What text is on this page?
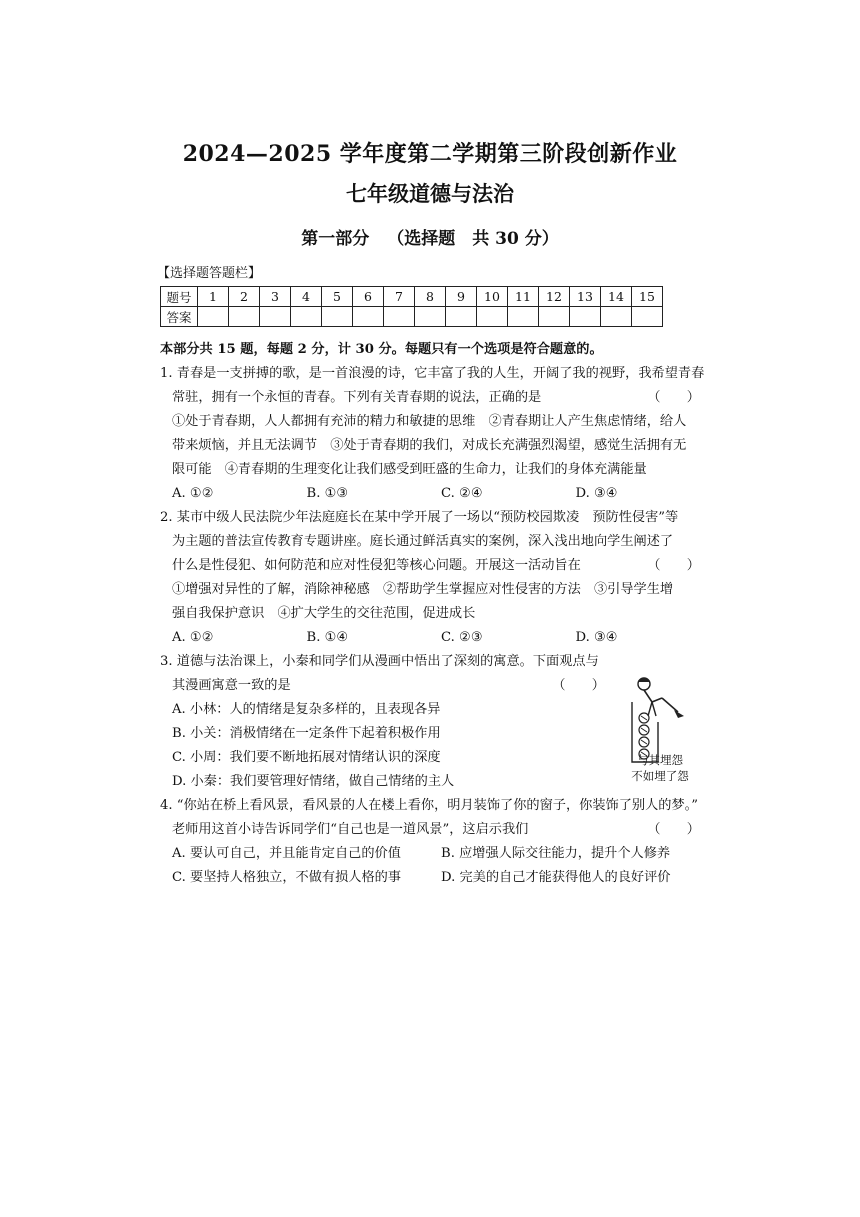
2024—2025 学年度第二学期第三阶段创新作业
七年级道德与法治
第一部分 （选择题　共 30 分）
【选择题答题栏】
题号	1	2	3	4	5	6	7	8	9	10	11	12	13	14	15
答案															

本部分共 15 题，每题 2 分，计 30 分。每题只有一个选项是符合题意的。

1. 青春是一支拼搏的歌，是一首浪漫的诗，它丰富了我的人生，开阔了我的视野，我希望青春

常驻，拥有一个永恒的青春。下列有关青春期的说法，正确的是	（　　）

①处于青春期，人人都拥有充沛的精力和敏捷的思维　②青春期让人产生焦虑情绪，给人

带来烦恼，并且无法调节　③处于青春期的我们，对成长充满强烈渴望，感觉生活拥有无

限可能　④青春期的生理变化让我们感受到旺盛的生命力，让我们的身体充满能量

A. ①②	B. ①③	C. ②④	D. ③④

2. 某市中级人民法院少年法庭庭长在某中学开展了一场以“预防校园欺凌　预防性侵害”等

为主题的普法宣传教育专题讲座。庭长通过鲜活真实的案例，深入浅出地向学生阐述了

什么是性侵犯、如何防范和应对性侵犯等核心问题。开展这一活动旨在	（　　）

①增强对异性的了解，消除神秘感　②帮助学生掌握应对性侵害的方法　③引导学生增

强自我保护意识　④扩大学生的交往范围，促进成长

A. ①②	B. ①④	C. ②③	D. ③④

3. 道德与法治课上，小秦和同学们从漫画中悟出了深刻的寓意。下面观点与

其漫画寓意一致的是	（　　）

A. 小林：人的情绪是复杂多样的，且表现各异

B. 小关：消极情绪在一定条件下起着积极作用

C. 小周：我们要不断地拓展对情绪认识的深度

D. 小秦：我们要管理好情绪，做自己情绪的主人

4. “你站在桥上看风景，看风景的人在楼上看你，明月装饰了你的窗子，你装饰了别人的梦。”

老师用这首小诗告诉同学们“自己也是一道风景”，这启示我们	（　　）

A. 要认可自己，并且能肯定自己的价值	B. 应增强人际交往能力，提升个人修养
C. 要坚持人格独立，不做有损人格的事	D. 完美的自己才能获得他人的良好评价
与其埋怨
不如埋了怨
